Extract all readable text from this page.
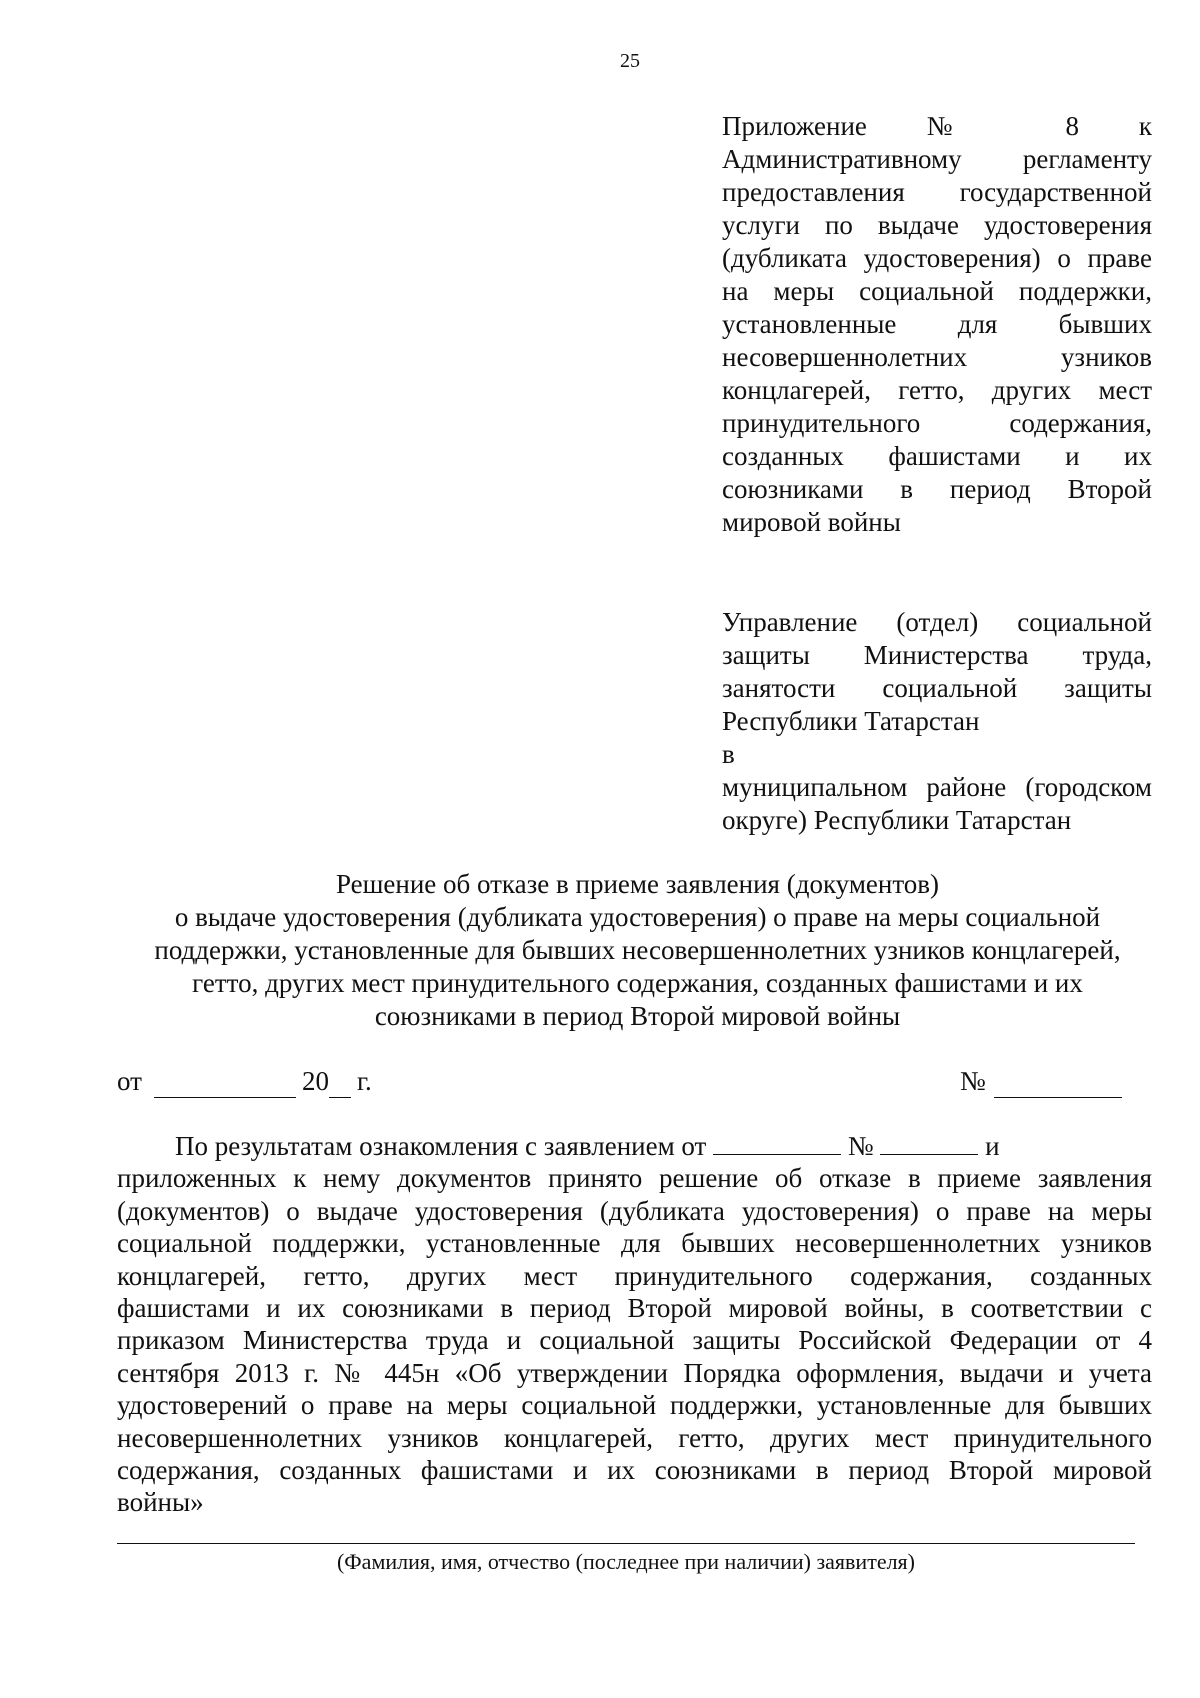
25
Приложение № 8 к
Административному регламенту
предоставления государственной
услуги по выдаче удостоверения
(дубликата удостоверения) о праве
на меры социальной поддержки,
установленные для бывших
несовершеннолетних узников
концлагерей, гетто, других мест
принудительного содержания,
созданных фашистами и их
союзниками в период Второй
мировой войны
Управление (отдел) социальной
защиты Министерства труда,
занятости социальной защиты
Республики Татарстан
в
муниципальном районе (городском
округе) Республики Татарстан
Решение об отказе в приеме заявления (документов)
о выдаче удостоверения (дубликата удостоверения) о праве на меры социальной
поддержки, установленные для бывших несовершеннолетних узников концлагерей,
гетто, других мест принудительного содержания, созданных фашистами и их
союзниками в период Второй мировой войны
от	20 г.	№
По результатам ознакомления с заявлением от	№	и
приложенных к нему документов принято решение об отказе в приеме заявления
(документов) о выдаче удостоверения (дубликата удостоверения) о праве на меры
социальной поддержки, установленные для бывших несовершеннолетних узников
концлагерей, гетто, других мест принудительного содержания, созданных
фашистами и их союзниками в период Второй мировой войны, в соответствии с
приказом Министерства труда и социальной защиты Российской Федерации от 4
сентября 2013 г. № 445н «Об утверждении Порядка оформления, выдачи и учета
удостоверений о праве на меры социальной поддержки, установленные для бывших
несовершеннолетних узников концлагерей, гетто, других мест принудительного
содержания, созданных фашистами и их союзниками в период Второй мировой
войны»
(Фамилия, имя, отчество (последнее при наличии) заявителя)
